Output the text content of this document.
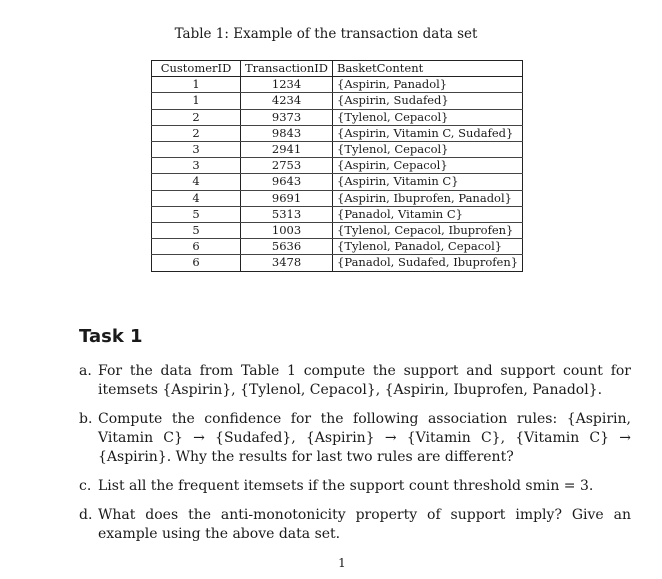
Table 1: Example of the transaction data set
CustomerID	TransactionID	BasketContent
1	1234	{Aspirin, Panadol}
1	4234	{Aspirin, Sudafed}
2	9373	{Tylenol, Cepacol}
2	9843	{Aspirin, Vitamin C, Sudafed}
3	2941	{Tylenol, Cepacol}
3	2753	{Aspirin, Cepacol}
4	9643	{Aspirin, Vitamin C}
4	9691	{Aspirin, Ibuprofen, Panadol}
5	5313	{Panadol, Vitamin C}
5	1003	{Tylenol, Cepacol, Ibuprofen}
6	5636	{Tylenol, Panadol, Cepacol}
6	3478	{Panadol, Sudafed, Ibuprofen}
Task 1
a. For the data from Table 1 compute the support and support count for itemsets {Aspirin}, {Tylenol, Cepacol}, {Aspirin, Ibuprofen, Panadol}.
b. Compute the confidence for the following association rules: {Aspirin, Vitamin C} → {Sudafed}, {Aspirin} → {Vitamin C}, {Vitamin C} → {Aspirin}. Why the results for last two rules are different?
c. List all the frequent itemsets if the support count threshold smin = 3.
d. What does the anti-monotonicity property of support imply? Give an example using the above data set.
1
